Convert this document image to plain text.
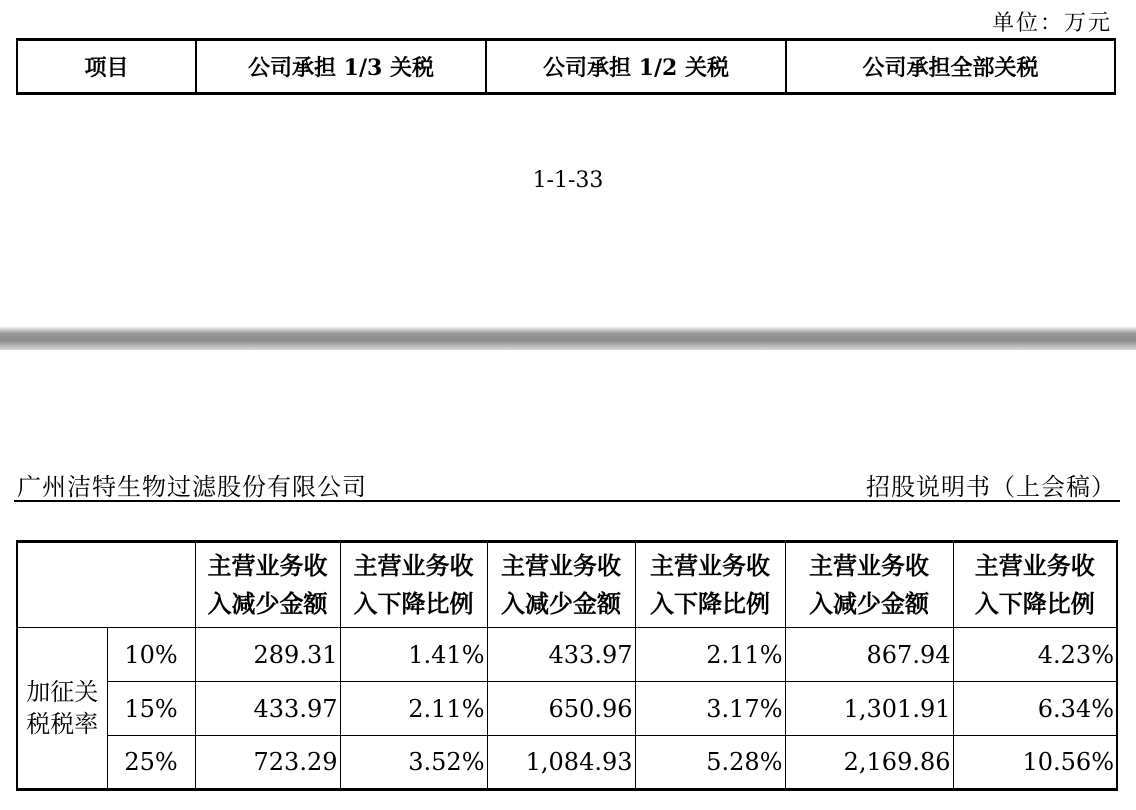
单位：万元
项目	公司承担 1/3 关税	公司承担 1/2 关税	公司承担全部关税
1-1-33
广州洁特生物过滤股份有限公司	招股说明书（上会稿）
		主营业务收入减少金额	主营业务收入下降比例	主营业务收入减少金额	主营业务收入下降比例	主营业务收入减少金额	主营业务收入下降比例
加征关税税率	10%	289.31	1.41%	433.97	2.11%	867.94	4.23%
	15%	433.97	2.11%	650.96	3.17%	1,301.91	6.34%
	25%	723.29	3.52%	1,084.93	5.28%	2,169.86	10.56%
